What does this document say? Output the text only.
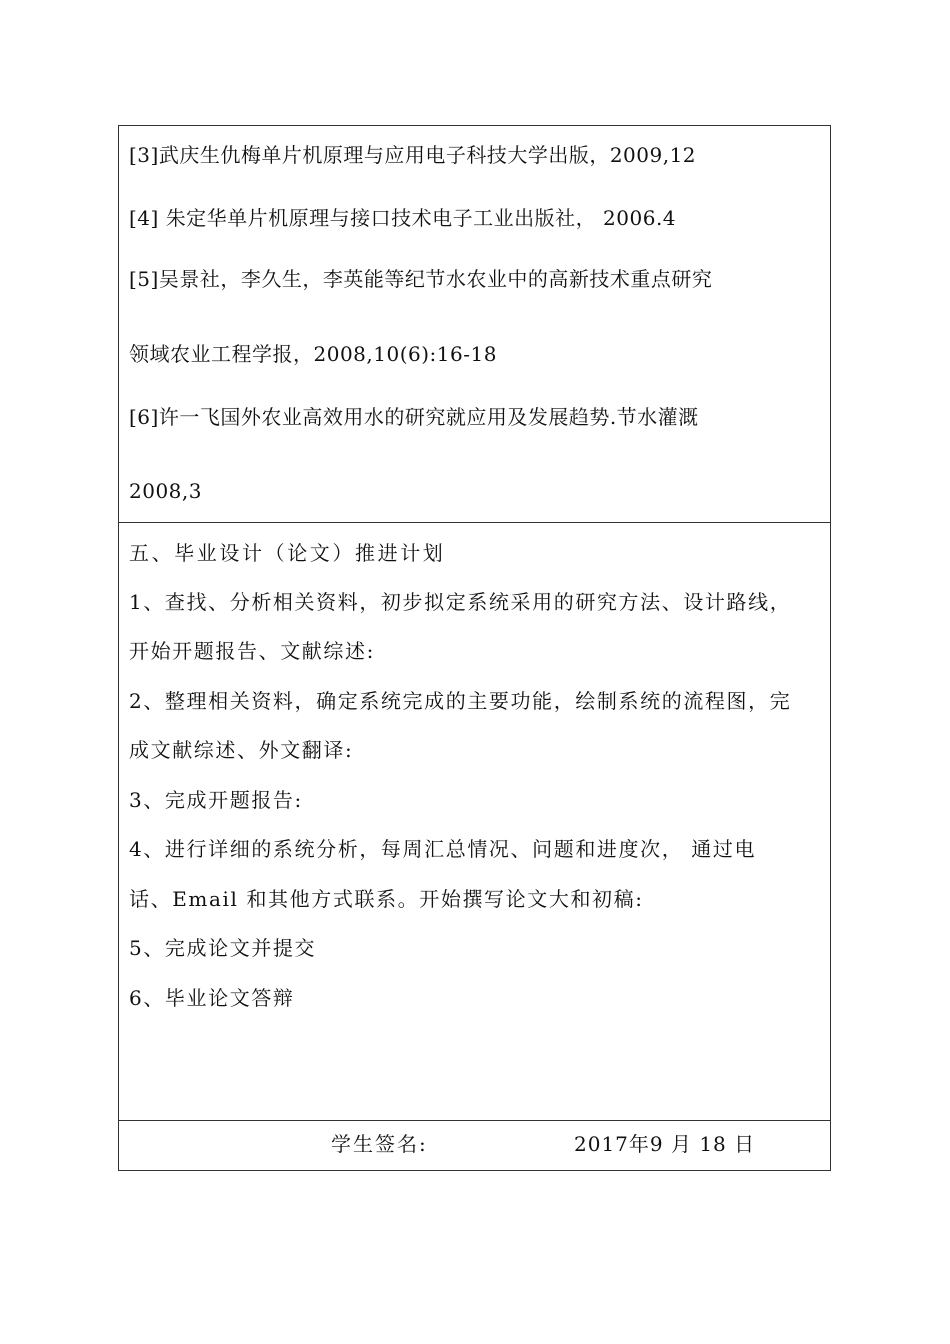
[3]武庆生仇梅单片机原理与应用电子科技大学出版，2009,12
[4] 朱定华单片机原理与接口技术电子工业出版社， 2006.4
[5]吴景社，李久生，李英能等纪节水农业中的高新技术重点研究
领域农业工程学报，2008,10(6):16-18
[6]许一飞国外农业高效用水的研究就应用及发展趋势.节水灌溉
2008,3
五、毕业设计（论文）推进计划
1、查找、分析相关资料，初步拟定系统采用的研究方法、设计路线，
开始开题报告、文献综述:
2、整理相关资料，确定系统完成的主要功能，绘制系统的流程图，完
成文献综述、外文翻译:
3、完成开题报告:
4、进行详细的系统分析，每周汇总情况、问题和进度次， 通过电
话、Email 和其他方式联系。开始撰写论文大和初稿:
5、完成论文并提交
6、毕业论文答辩
学生签名:	2017年9 月 18 日
